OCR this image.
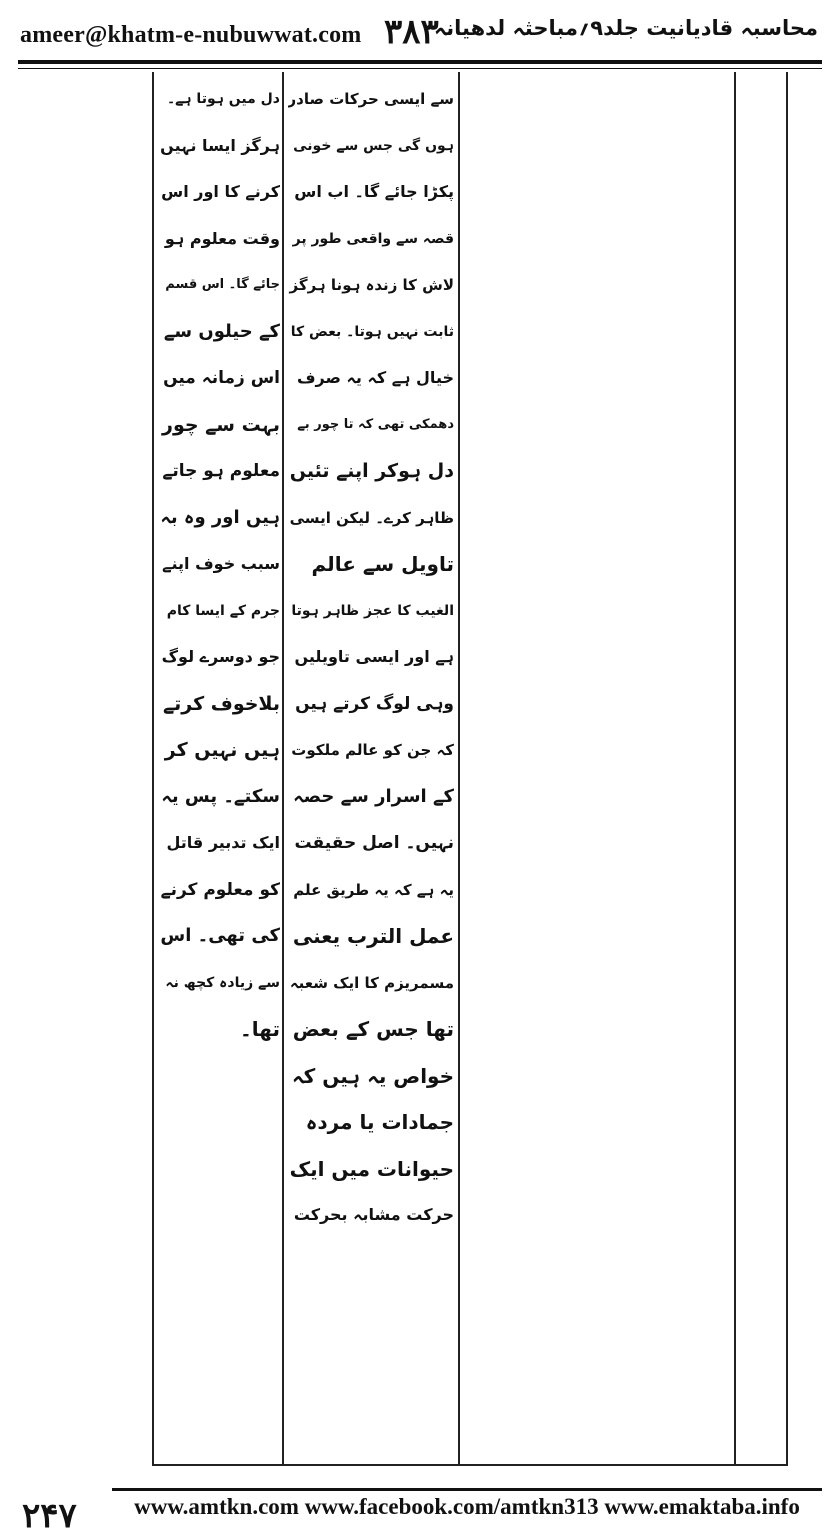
ameer@khatm-e-nubuwwat.com ۳۸۳
محاسبہ قادیانیت جلد۹؍مباحثہ لدھیانہ
دل میں ہوتا ہے۔
ہرگز ایسا نہیں
کرنے کا اور اس
وقت معلوم ہو
جائے گا۔ اس قسم
کے حیلوں سے
اس زمانہ میں
بہت سے چور
معلوم ہو جاتے
ہیں اور وہ بہ
سبب خوف اپنے
جرم کے ایسا کام
جو دوسرے لوگ
بلاخوف کرتے
ہیں نہیں کر
سکتے۔ پس یہ
ایک تدبیر قاتل
کو معلوم کرنے
کی تھی۔ اس
سے زیادہ کچھ نہ
تھا۔
سے ایسی حرکات صادر
ہوں گی جس سے خونی
پکڑا جائے گا۔ اب اس
قصہ سے واقعی طور پر
لاش کا زندہ ہونا ہرگز
ثابت نہیں ہوتا۔ بعض کا
خیال ہے کہ یہ صرف
دھمکی تھی کہ تا چور بے
دل ہوکر اپنے تئیں
ظاہر کرے۔ لیکن ایسی
تاویل سے عالم
الغیب کا عجز ظاہر ہوتا
ہے اور ایسی تاویلیں
وہی لوگ کرتے ہیں
کہ جن کو عالم ملکوت
کے اسرار سے حصہ
نہیں۔ اصل حقیقت
یہ ہے کہ یہ طریق علم
عمل الترب یعنی
مسمریزم کا ایک شعبہ
تھا جس کے بعض
خواص یہ ہیں کہ
جمادات یا مردہ
حیوانات میں ایک
حرکت مشابہ بحرکت
۲۴۷	www.amtkn.com www.facebook.com/amtkn313 www.emaktaba.info
